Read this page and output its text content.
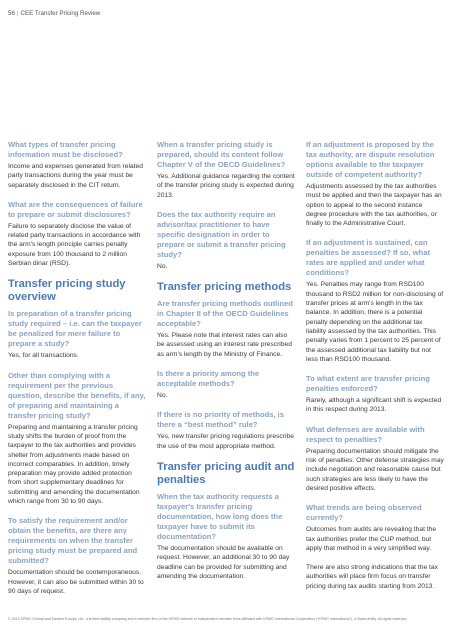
56 | CEE Transfer Pricing Review
What types of transfer pricing information must be disclosed?
Income and expenses generated from related party transactions during the year must be separately disclosed in the CIT return.
What are the consequences of failure to prepare or submit disclosures?
Failure to separately disclose the value of related party transactions in accordance with the arm's length principle carries penalty exposure from 100 thousand to 2 million Serbian dinar (RSD).
Transfer pricing study overview
Is preparation of a transfer pricing study required – i.e. can the taxpayer be penalized for mere failure to prepare a study?
Yes, for all transactions.
Other than complying with a requirement per the previous question, describe the benefits, if any, of preparing and maintaining a transfer pricing study?
Preparing and maintaining a transfer pricing study shifts the burden of proof from the taxpayer to the tax authorities and provides shelter from adjustments made based on incorrect comparables. In addition, timely preparation may provide added protection from short supplementary deadlines for submitting and amending the documentation which range from 30 to 90 days.
To satisfy the requirement and/or obtain the benefits, are there any requirements on when the transfer pricing study must be prepared and submitted?
Documentation should be contemporaneous. However, it can also be submitted within 30 to 90 days of request.
When a transfer pricing study is prepared, should its content follow Chapter V of the OECD Guidelines?
Yes. Additional guidance regarding the content of the transfer pricing study is expected during 2013.
Does the tax authority require an advisor/tax practitioner to have specific designation in order to prepare or submit a transfer pricing study?
No.
Transfer pricing methods
Are transfer pricing methods outlined in Chapter II of the OECD Guidelines acceptable?
Yes. Please note that interest rates can also be assessed using an interest rate prescribed as arm's length by the Ministry of Finance.
Is there a priority among the acceptable methods?
No.
If there is no priority of methods, is there a “best method” rule?
Yes, new transfer pricing regulations prescribe the use of the most appropriate method.
Transfer pricing audit and penalties
When the tax authority requests a taxpayer's transfer pricing documentation, how long does the taxpayer have to submit its documentation?
The documentation should be available on request. However, an additional 30 to 90 day deadline can be provided for submitting and amending the documentation.
If an adjustment is proposed by the tax authority, are dispute resolution options available to the taxpayer outside of competent authority?
Adjustments assessed by the tax authorities must be applied and then the taxpayer has an option to appeal to the second instance degree procedure with the tax authorities, or finally to the Administrative Court.
If an adjustment is sustained, can penalties be assessed? If so, what rates are applied and under what conditions?
Yes. Penalties may range from RSD100 thousand to RSD2 million for non-disclosing of transfer prices at arm's length in the tax balance. In addition, there is a potential penalty depending on the additional tax liability assessed by the tax authorities. This penalty varies from 1 percent to 25 percent of the assessed additional tax liability but not less than RSD100 thousand.
To what extent are transfer pricing penalties enforced?
Rarely, although a significant shift is expected in this respect during 2013.
What defenses are available with respect to penalties?
Preparing documentation should mitigate the risk of penalties. Other defense strategies may include negotiation and reasonable cause but such strategies are less likely to have the desired positive effects.
What trends are being observed currently?
Outcomes from audits are revealing that the tax authorities prefer the CUP method, but apply that method in a very simplified way.
There are also strong indications that the tax authorities will place firm focus on transfer pricing during tax audits starting from 2013.
© 2013 KPMG Central and Eastern Europe Ltd., a limited liability company and a member firm of the KPMG network of independent member firms affiliated with KPMG International Cooperative (“KPMG International”), a Swiss entity. All rights reserved.
